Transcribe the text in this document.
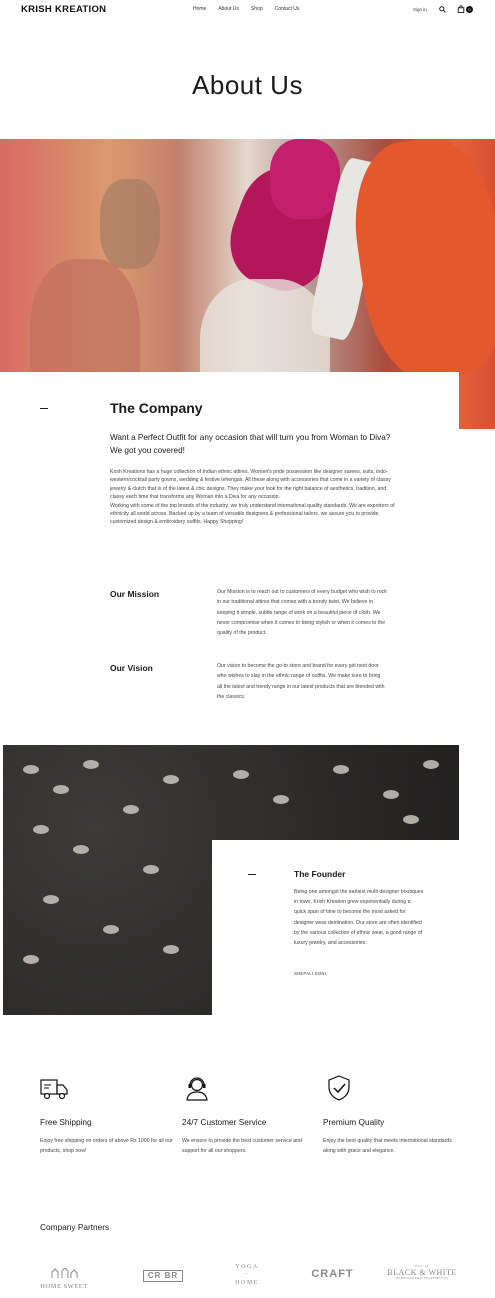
KRISH KREATION	Home About Us Shop Contact Us	Sign in	0
About Us
The Company

Want a Perfect Outfit for any occasion that will turn you from Woman to Diva? We got you covered!

Krish Kreations has a huge collection of Indian ethnic attires. Women's pride possession like designer sarees, suits, indo-western/cocktail party gowns, wedding & festive lehengas. All these along with accessories that come in a variety of classy jewelry & clutch that is of the latest & chic designs. They make your look for the right balance of aesthetics, tradition, and classy each time that transforms any Woman into a Diva for any occasion.

Working with some of the top brands of the industry, we truly understand international quality standards. We are exporters of ethnicity all world across. Backed up by a team of versatile designers & professional tailors, we assure you to provide customized design & embroidery outfits. Happy Shopping!

Our Mission	Our Mission is to reach out to customers of every budget who wish to rock in our traditional attires that comes with a trendy twist. We believe in keeping it simple, subtle range of work on a beautiful piece of cloth. We never compromise when it comes to being stylish or when it comes to the quality of the product.

Our Vision	Our vision to become the go-to store and brand for every girl next door who wishes to slay in the ethnic range of outfits. We make sure to bring all the latest and trendy range in our latest products that are blended with the classics.

The Founder

Being one amongst the earliest multi designer boutiques in town, Krish Kreation grew exponentially during a quick span of time to become the most asked for designer wear destination. Our store are often identified by the various collection of ethnic wear, a good range of luxury jewelry, and accessories.

SHEFALI SONI
Free Shipping

Enjoy free shipping on orders of above Rs 1000 for all our products, shop now!

24/7 Customer Service

We ensure to provide the best customer service and support for all our shoppers.

Premium Quality

Enjoy the best quality that meets international standards along with grace and elegance.

Company Partners
HOME SWEET
CR BR
YOGA
~
HOME
CRAFT
EST 18
BLACK & WHITE
HANDFOLD CRAFTED PRODUCTS
